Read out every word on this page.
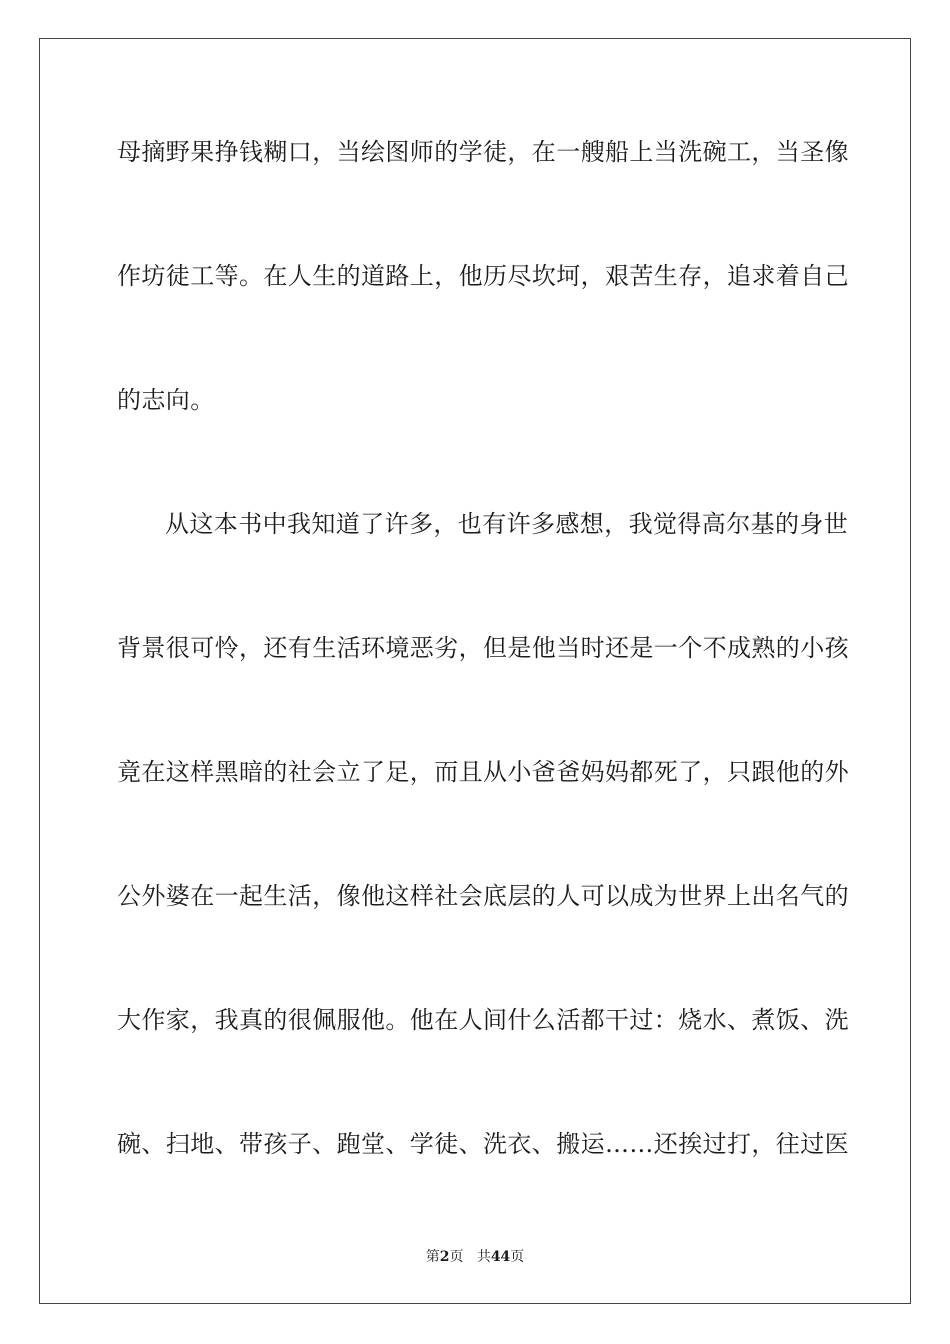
母摘野果挣钱糊口，当绘图师的学徒，在一艘船上当洗碗工，当圣像
作坊徒工等。在人生的道路上，他历尽坎坷，艰苦生存，追求着自己
的志向。
从这本书中我知道了许多，也有许多感想，我觉得高尔基的身世
背景很可怜，还有生活环境恶劣，但是他当时还是一个不成熟的小孩
竟在这样黑暗的社会立了足，而且从小爸爸妈妈都死了，只跟他的外
公外婆在一起生活，像他这样社会底层的人可以成为世界上出名气的
大作家，我真的很佩服他。他在人间什么活都干过：烧水、煮饭、洗
碗、扫地、带孩子、跑堂、学徒、洗衣、搬运……还挨过打，往过医
第2页 共44页
